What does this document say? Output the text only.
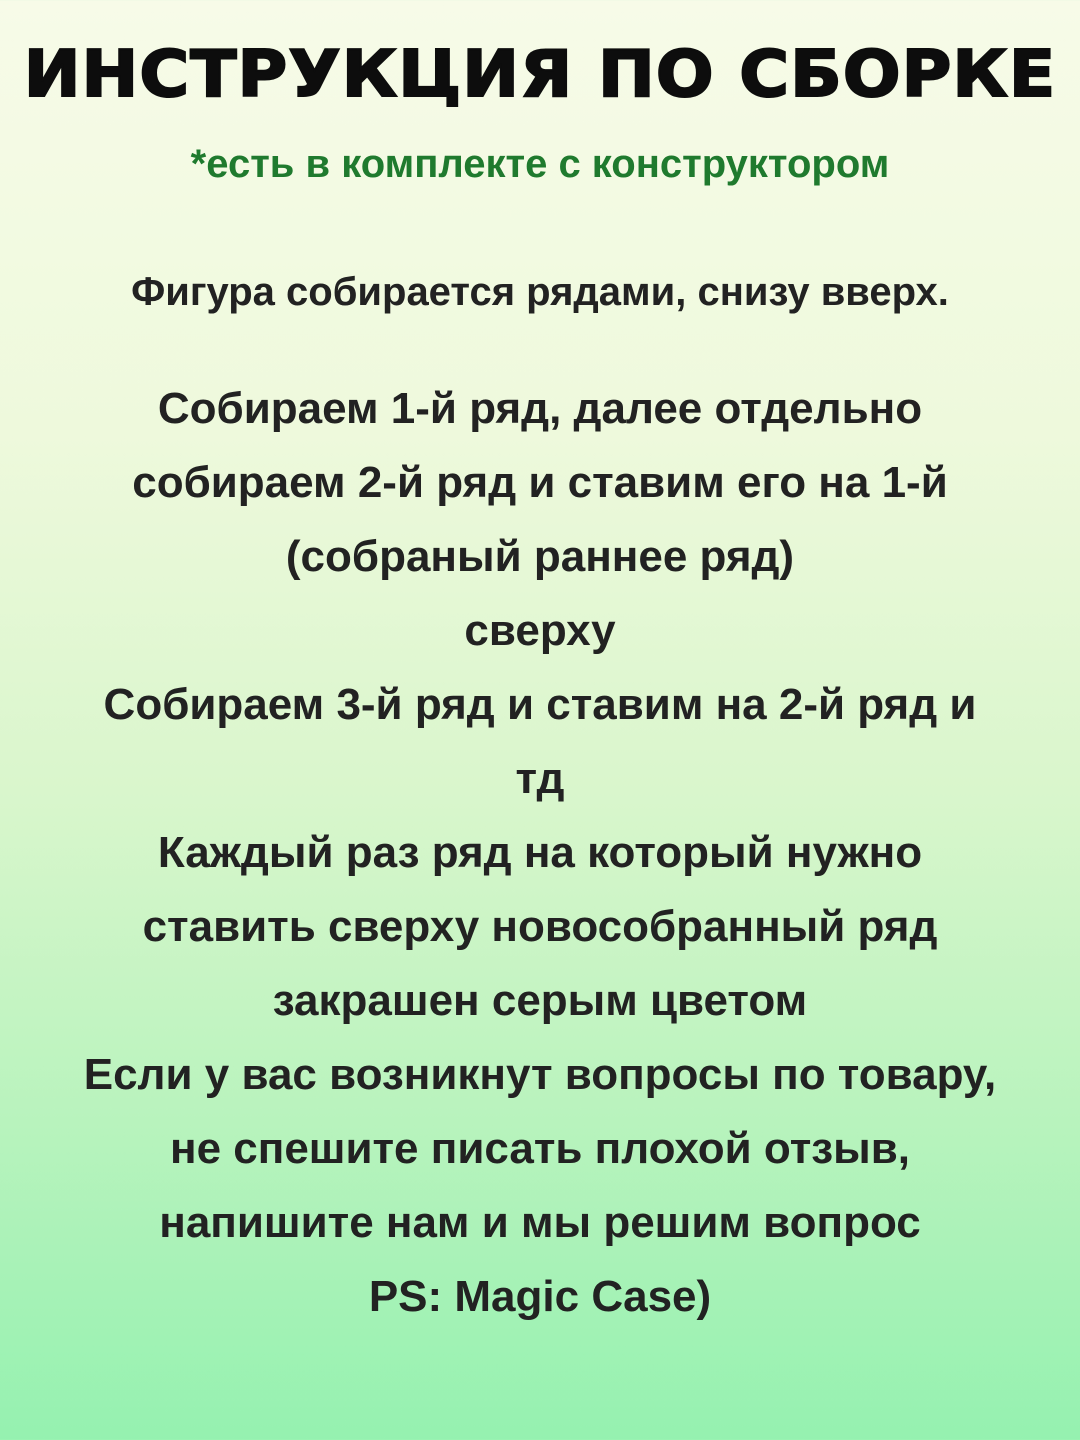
ИНСТРУКЦИЯ ПО СБОРКЕ
*есть в комплекте с конструктором
Фигура собирается рядами, снизу вверх.
Собираем 1-й ряд, далее отдельно
собираем 2-й ряд и ставим его на 1-й
(собраный раннее ряд)
сверху
Собираем 3-й ряд и ставим на 2-й ряд и
тд
Каждый раз ряд на который нужно
ставить сверху новособранный ряд
закрашен серым цветом
Если у вас возникнут вопросы по товару,
не спешите писать плохой отзыв,
напишите нам и мы решим вопрос
PS: Magic Case)
